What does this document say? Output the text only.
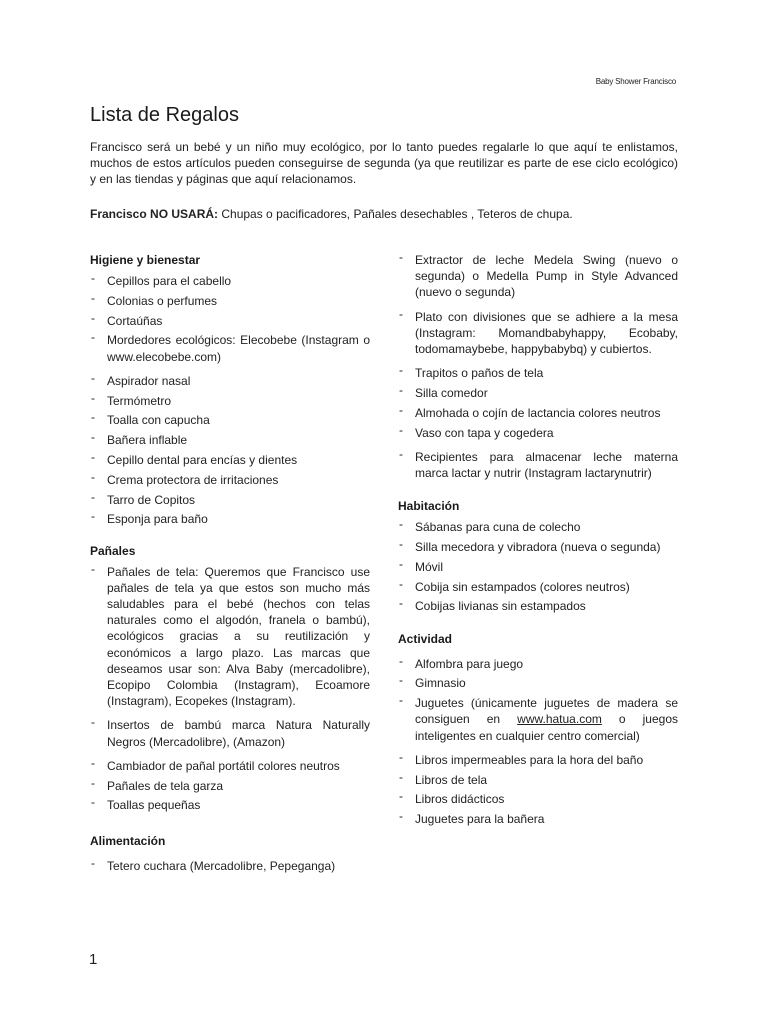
Baby Shower Francisco
Lista de Regalos

Francisco será un bebé y un niño muy ecológico, por lo tanto puedes regalarle lo que aquí te enlistamos, muchos de estos artículos pueden conseguirse de segunda (ya que reutilizar es parte de ese ciclo ecológico) y en las tiendas y páginas que aquí relacionamos.

Francisco NO USARÁ: Chupas o pacificadores, Pañales desechables , Teteros de chupa.

Higiene y bienestar
- Cepillos para el cabello
- Colonias o perfumes
- Cortaúñas
- Mordedores ecológicos: Elecobebe (Instagram o www.elecobebe.com)
- Aspirador nasal
- Termómetro
- Toalla con capucha
- Bañera inflable
- Cepillo dental para encías y dientes
- Crema protectora de irritaciones
- Tarro de Copitos
- Esponja para baño
Pañales
- Pañales de tela: Queremos que Francisco use pañales de tela ya que estos son mucho más saludables para el bebé (hechos con telas naturales como el algodón, franela o bambú), ecológicos gracias a su reutilización y económicos a largo plazo. Las marcas que deseamos usar son: Alva Baby (mercadolibre), Ecopipo Colombia (Instagram), Ecoamore (Instagram), Ecopekes (Instagram).
- Insertos de bambú marca Natura Naturally Negros (Mercadolibre), (Amazon)
- Cambiador de pañal portátil colores neutros
- Pañales de tela garza
- Toallas pequeñas
Alimentación
- Tetero cuchara (Mercadolibre, Pepeganga)
- Extractor de leche Medela Swing (nuevo o segunda) o Medella Pump in Style Advanced (nuevo o segunda)
- Plato con divisiones que se adhiere a la mesa (Instagram: Momandbabyhappy, Ecobaby, todomamaybebe, happybabybq) y cubiertos.
- Trapitos o paños de tela
- Silla comedor
- Almohada o cojín de lactancia colores neutros
- Vaso con tapa y cogedera
- Recipientes para almacenar leche materna marca lactar y nutrir (Instagram lactarynutrir)
Habitación
- Sábanas para cuna de colecho
- Silla mecedora y vibradora (nueva o segunda)
- Móvil
- Cobija sin estampados (colores neutros)
- Cobijas livianas sin estampados
Actividad
- Alfombra para juego
- Gimnasio
- Juguetes (únicamente juguetes de madera se consiguen en www.hatua.com o juegos inteligentes en cualquier centro comercial)
- Libros impermeables para la hora del baño
- Libros de tela
- Libros didácticos
- Juguetes para la bañera
1
